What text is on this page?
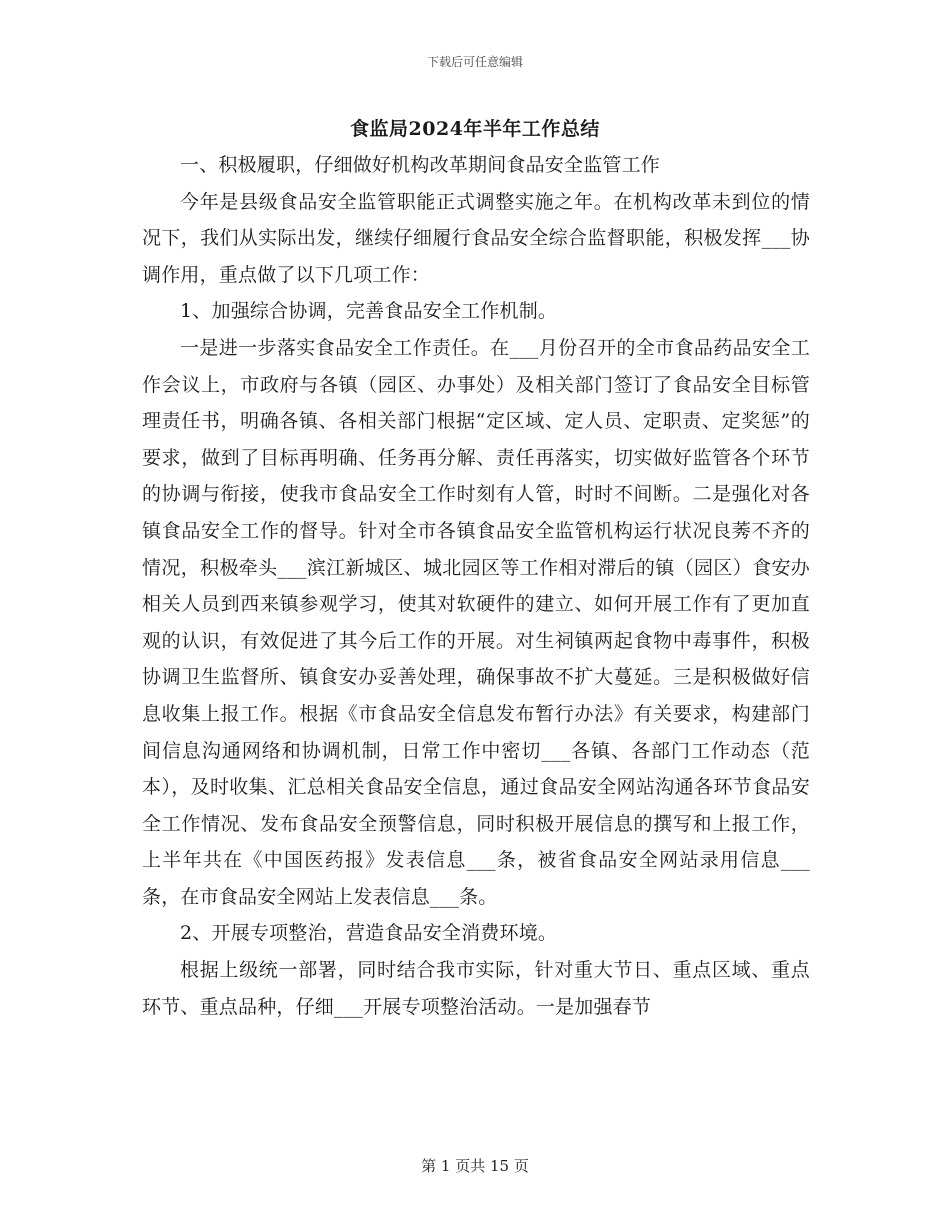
下载后可任意编辑
食监局2024年半年工作总结

一、积极履职，仔细做好机构改革期间食品安全监管工作

今年是县级食品安全监管职能正式调整实施之年。在机构改革未到位的情况下，我们从实际出发，继续仔细履行食品安全综合监督职能，积极发挥___协调作用，重点做了以下几项工作：

1、加强综合协调，完善食品安全工作机制。

一是进一步落实食品安全工作责任。在___月份召开的全市食品药品安全工作会议上，市政府与各镇（园区、办事处）及相关部门签订了食品安全目标管理责任书，明确各镇、各相关部门根据“定区域、定人员、定职责、定奖惩”的要求，做到了目标再明确、任务再分解、责任再落实，切实做好监管各个环节的协调与衔接，使我市食品安全工作时刻有人管，时时不间断。二是强化对各镇食品安全工作的督导。针对全市各镇食品安全监管机构运行状况良莠不齐的情况，积极牵头___滨江新城区、城北园区等工作相对滞后的镇（园区）食安办相关人员到西来镇参观学习，使其对软硬件的建立、如何开展工作有了更加直观的认识，有效促进了其今后工作的开展。对生祠镇两起食物中毒事件，积极协调卫生监督所、镇食安办妥善处理，确保事故不扩大蔓延。三是积极做好信息收集上报工作。根据《市食品安全信息发布暂行办法》有关要求，构建部门间信息沟通网络和协调机制，日常工作中密切___各镇、各部门工作动态（范本），及时收集、汇总相关食品安全信息，通过食品安全网站沟通各环节食品安全工作情况、发布食品安全预警信息，同时积极开展信息的撰写和上报工作，上半年共在《中国医药报》发表信息___条，被省食品安全网站录用信息___条，在市食品安全网站上发表信息___条。

2、开展专项整治，营造食品安全消费环境。

根据上级统一部署，同时结合我市实际，针对重大节日、重点区域、重点环节、重点品种，仔细___开展专项整治活动。一是加强春节

第 1 页共 15 页
